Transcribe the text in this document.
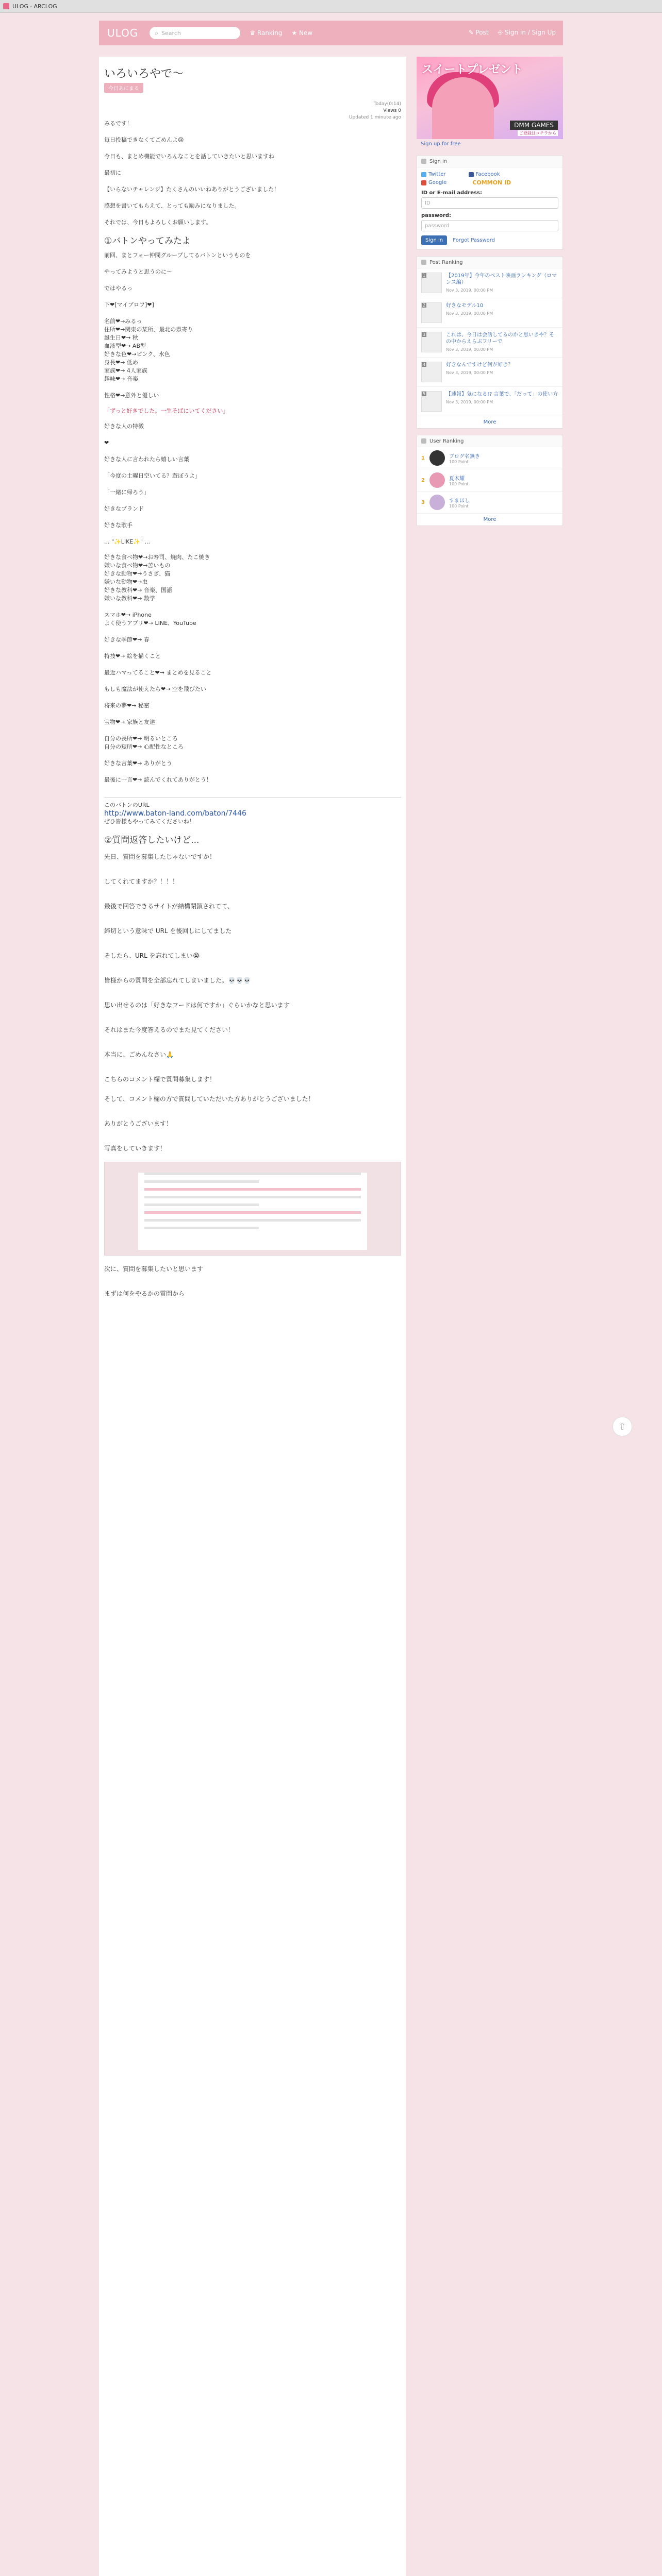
ULOG · ARCLOG
ULOG	⌕ Search	♛ Ranking ★ New	✎ Post ⎆ Sign in / Sign Up
いろいろやで〜
今日あにまる
Today(0:14)
Views 0
Updated 1 minute ago
みるです！

毎日投稿できなくてごめんよ😢

今日も、まとめ機能でいろんなことを話していきたいと思いますね

最初に

【いらないチャレンジ】たくさんのいいねありがとうございました！

感想を書いてもらえて、とっても励みになりました。

それでは、今日もよろしくお願いします。
①バトンやってみたよ
前回、まとフォー仲間グループしてるバトンというものを

やってみようと思うのに〜

ではやるっ

下❤︎[マイプロフ]❤︎]

名前❤︎→みるっ
住所❤︎→関東の某所、最北の県寄り
誕生日❤︎→ 秋
血液型❤︎→ AB型
好きな色❤︎→ピンク、水色
身長❤︎→ 低め
家族❤︎→ 4人家族
趣味❤︎→ 音楽

性格❤︎→意外と優しい
「ずっと好きでした。一生そばにいてください」
好きな人の特徴

❤︎

好きな人に言われたら嬉しい言葉

「今度の土曜日空いてる？遊ぼうよ」

「一緒に帰ろう」

好きなブランド

好きな歌手

... "✨LIKE✨" ...
好きな食べ物❤︎→お寿司、焼肉、たこ焼き
嫌いな食べ物❤︎→苦いもの
好きな動物❤︎→うさぎ、猫
嫌いな動物❤︎→虫
好きな教科❤︎→ 音楽、国語
嫌いな教科❤︎→ 数学

スマホ❤︎→ iPhone
よく使うアプリ❤︎→ LINE、YouTube

好きな季節❤︎→ 春

特技❤︎→ 絵を描くこと

最近ハマってること❤︎→ まとめを見ること

もしも魔法が使えたら❤︎→ 空を飛びたい

将来の夢❤︎→ 秘密

宝物❤︎→ 家族と友達

自分の長所❤︎→ 明るいところ
自分の短所❤︎→ 心配性なところ

好きな言葉❤︎→ ありがとう

最後に一言❤︎→ 読んでくれてありがとう！
このバトンのURL
http://www.baton-land.com/baton/7446
ぜひ皆様もやってみてくださいね！
②質問返答したいけど...
先日、質問を募集したじゃないですか！

してくれてますか？！！！

最後で回答できるサイトが結構閉鎖されてて、

締切という意味で URL を後回しにしてました

そしたら、URL を忘れてしまい😭

皆様からの質問を全部忘れてしまいました。💀💀💀

思い出せるのは「好きなフードは何ですか」ぐらいかなと思います

それはまた今度答えるのでまた見てください！

本当に、ごめんなさい🙏

こちらのコメント欄で質問募集します！
そして、コメント欄の方で質問していただいた方ありがとうございました！

ありがとうございます！

写真をしていきます！
次に、質問を募集したいと思います

まずは何をやるかの質問から
スイートプレゼント
DMM GAMES
ご登録はコチラから
Sign up for free
Sign in
Twitter	Facebook
Google	COMMON ID
ID or E-mail address:
ID
password:
password
Sign in Forgot Password
Post Ranking
1	【2019年】今年のベスト映画ランキング（ロマンス編）
Nov 3, 2019, 00:00 PM
2	好きなモデル10
Nov 3, 2019, 00:00 PM
3	これは、今日は会話してるのかと思いきや？その中からえらぶフリーで
Nov 3, 2019, 00:00 PM
4	好きなんですけど何が好き？
Nov 3, 2019, 00:00 PM
5	【速報】気になる!? 言葉で、「だって」の使い方
Nov 3, 2019, 00:00 PM
More
User Ranking
1	ブログ名無き
100 Point
2	夏木耀
100 Point
3	すまほし
100 Point
More
⇧
